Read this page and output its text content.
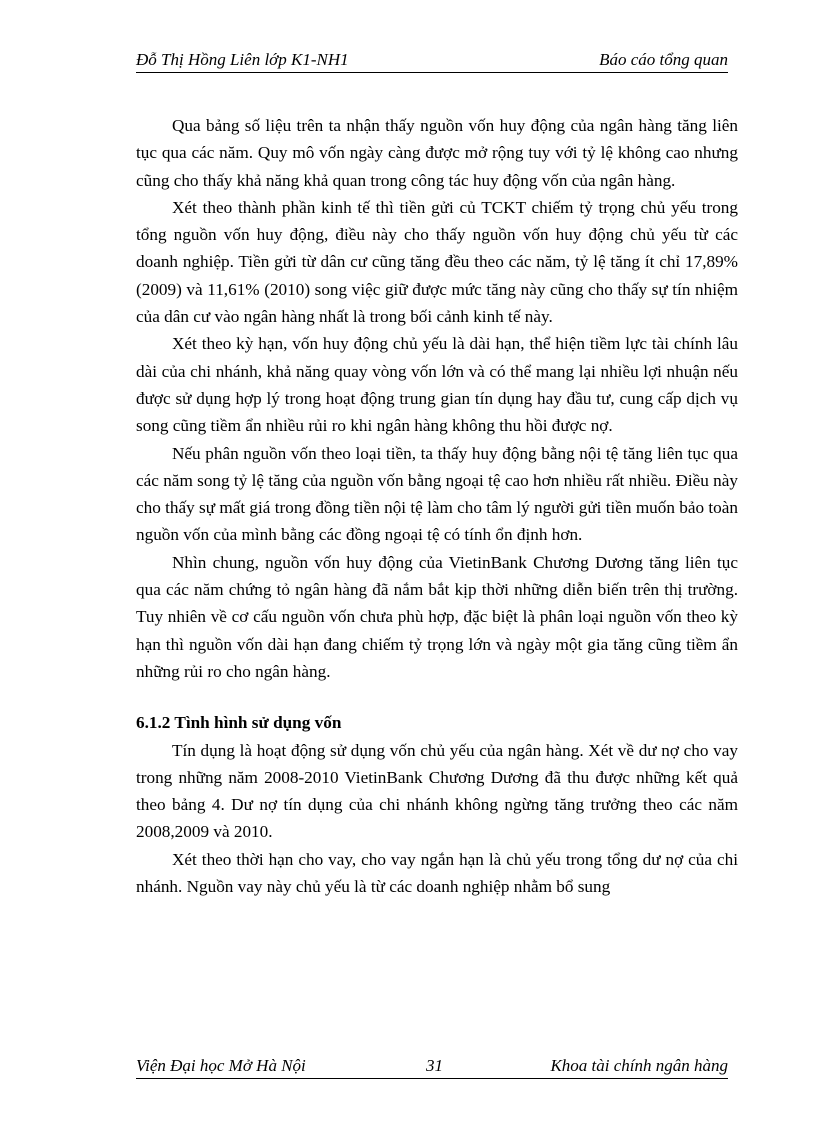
Đỗ Thị Hồng Liên lớp K1-NH1	Báo cáo tổng quan

Qua bảng số liệu trên ta nhận thấy nguồn vốn huy động của ngân hàng tăng liên tục qua các năm. Quy mô vốn ngày càng được mở rộng tuy với tỷ lệ không cao nhưng cũng cho thấy khả năng khả quan trong công tác huy động vốn của ngân hàng.

Xét theo thành phần kinh tế thì tiền gửi củ TCKT chiếm tỷ trọng chủ yếu trong tổng nguồn vốn huy động, điều này cho thấy nguồn vốn huy động chủ yếu từ các doanh nghiệp. Tiền gửi từ dân cư cũng tăng đều theo các năm, tỷ lệ tăng ít chỉ 17,89%(2009) và 11,61% (2010) song việc giữ được mức tăng này cũng cho thấy sự tín nhiệm của dân cư vào ngân hàng nhất là trong bối cảnh kinh tế này.

Xét theo kỳ hạn, vốn huy động chủ yếu là dài hạn, thể hiện tiềm lực tài chính lâu dài của chi nhánh, khả năng quay vòng vốn lớn và có thể mang lại nhiều lợi nhuận nếu được sử dụng hợp lý trong hoạt động trung gian tín dụng hay đầu tư, cung cấp dịch vụ song cũng tiềm ẩn nhiều rủi ro khi ngân hàng không thu hồi được nợ.

Nếu phân nguồn vốn theo loại tiền, ta thấy huy động bằng nội tệ tăng liên tục qua các năm song tỷ lệ tăng của nguồn vốn bằng ngoại tệ cao hơn nhiều rất nhiều. Điều này cho thấy sự mất giá trong đồng tiền nội tệ làm cho tâm lý người gửi tiền muốn bảo toàn nguồn vốn của mình bằng các đồng ngoại tệ có tính ổn định hơn.

Nhìn chung, nguồn vốn huy động của VietinBank Chương Dương tăng liên tục qua các năm chứng tỏ ngân hàng đã nắm bắt kịp thời những diễn biến trên thị trường. Tuy nhiên về cơ cấu nguồn vốn chưa phù hợp, đặc biệt là phân loại nguồn vốn theo kỳ hạn thì nguồn vốn dài hạn đang chiếm tỷ trọng lớn và ngày một gia tăng cũng tiềm ẩn những rủi ro cho ngân hàng.

6.1.2 Tình hình sử dụng vốn

Tín dụng là hoạt động sử dụng vốn chủ yếu của ngân hàng. Xét về dư nợ cho vay trong những năm 2008-2010 VietinBank Chương Dương đã thu được những kết quả theo bảng 4. Dư nợ tín dụng của chi nhánh không ngừng tăng trưởng theo các năm 2008,2009 và 2010.

Xét theo thời hạn cho vay, cho vay ngắn hạn là chủ yếu trong tổng dư nợ của chi nhánh. Nguồn vay này chủ yếu là từ các doanh nghiệp nhằm bổ sung

Viện Đại học Mở Hà Nội	31	Khoa tài chính ngân hàng
